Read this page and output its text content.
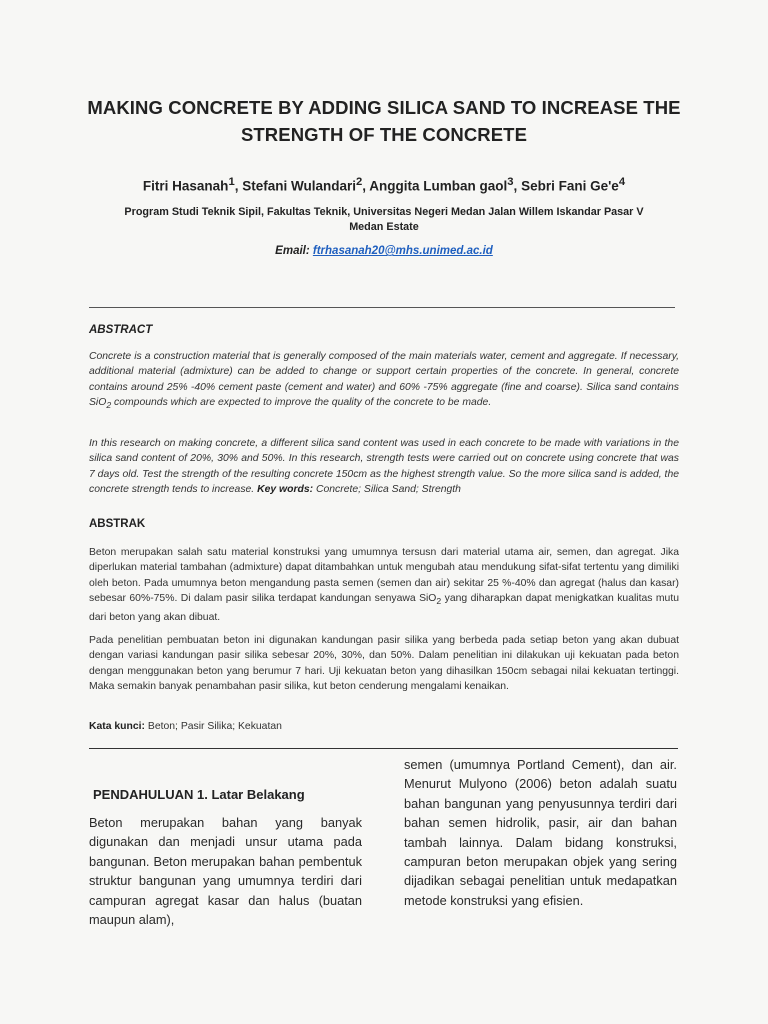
MAKING CONCRETE BY ADDING SILICA SAND TO INCREASE THE
STRENGTH OF THE CONCRETE
Fitri Hasanah$^1$, Stefani Wulandari$^2$, Anggita Lumban gaol$^3$, Sebri Fani $Ge'e^4$
Program Studi Teknik Sipil, Fakultas Teknik, Universitas Negeri Medan Jalan Willem Iskandar Pasar V
Medan Estate
Email: ftrhasanah20@mhs.unimed.ac.id
ABSTRACT
Concrete is a construction material that is generally composed of the main materials water, cement and aggregate. If necessary, additional material (admixture) can be added to change or support certain properties of the concrete. In general, concrete contains around 25% -40% cement paste (cement and water) and 60% -75% aggregate (fine and coarse). Silica sand contains SiO$_2$ compounds which are expected to improve the quality of the concrete to be made.
In this research on making concrete, a different silica sand content was used in each concrete to be made with variations in the silica sand content of 20%, 30% and 50%. In this research, strength tests were carried out on concrete using concrete that was 7 days old. Test the strength of the resulting concrete 150cm as the highest strength value. So the more silica sand is added, the concrete strength tends to increase. Key words: Concrete; Silica Sand; Strength
ABSTRAK
Beton merupakan salah satu material konstruksi yang umumnya tersusn dari material utama air, semen, dan agregat. Jika diperlukan material tambahan (admixture) dapat ditambahkan untuk mengubah atau mendukung sifat-sifat tertentu yang dimiliki oleh beton. Pada umumnya beton mengandung pasta semen (semen dan air) sekitar 25 %-40% dan agregat (halus dan kasar) sebesar 60%-75%. Di dalam pasir silika terdapat kandungan senyawa SiO$_2$ yang diharapkan dapat menigkatkan kualitas mutu dari beton yang akan dibuat.
Pada penelitian pembuatan beton ini digunakan kandungan pasir silika yang berbeda pada setiap beton yang akan dubuat dengan variasi kandungan pasir silika sebesar 20%, 30%, dan 50%. Dalam penelitian ini dilakukan uji kekuatan pada beton dengan menggunakan beton yang berumur 7 hari. Uji kekuatan beton yang dihasilkan 150cm sebagai nilai kekuatan tertinggi. Maka semakin banyak penambahan pasir silika, kut beton cenderung mengalami kenaikan.
Kata kunci: Beton; Pasir Silika; Kekuatan
PENDAHULUAN 1. Latar Belakang
Beton merupakan bahan yang banyak digunakan dan menjadi unsur utama pada bangunan. Beton merupakan bahan pembentuk struktur bangunan yang umumnya terdiri dari campuran agregat kasar dan halus (buatan maupun alam),
semen (umumnya Portland Cement), dan air. Menurut Mulyono (2006) beton adalah suatu bahan bangunan yang penyusunnya terdiri dari bahan semen hidrolik, pasir, air dan bahan tambah lainnya. Dalam bidang konstruksi, campuran beton merupakan objek yang sering dijadikan sebagai penelitian untuk medapatkan metode konstruksi yang efisien.
